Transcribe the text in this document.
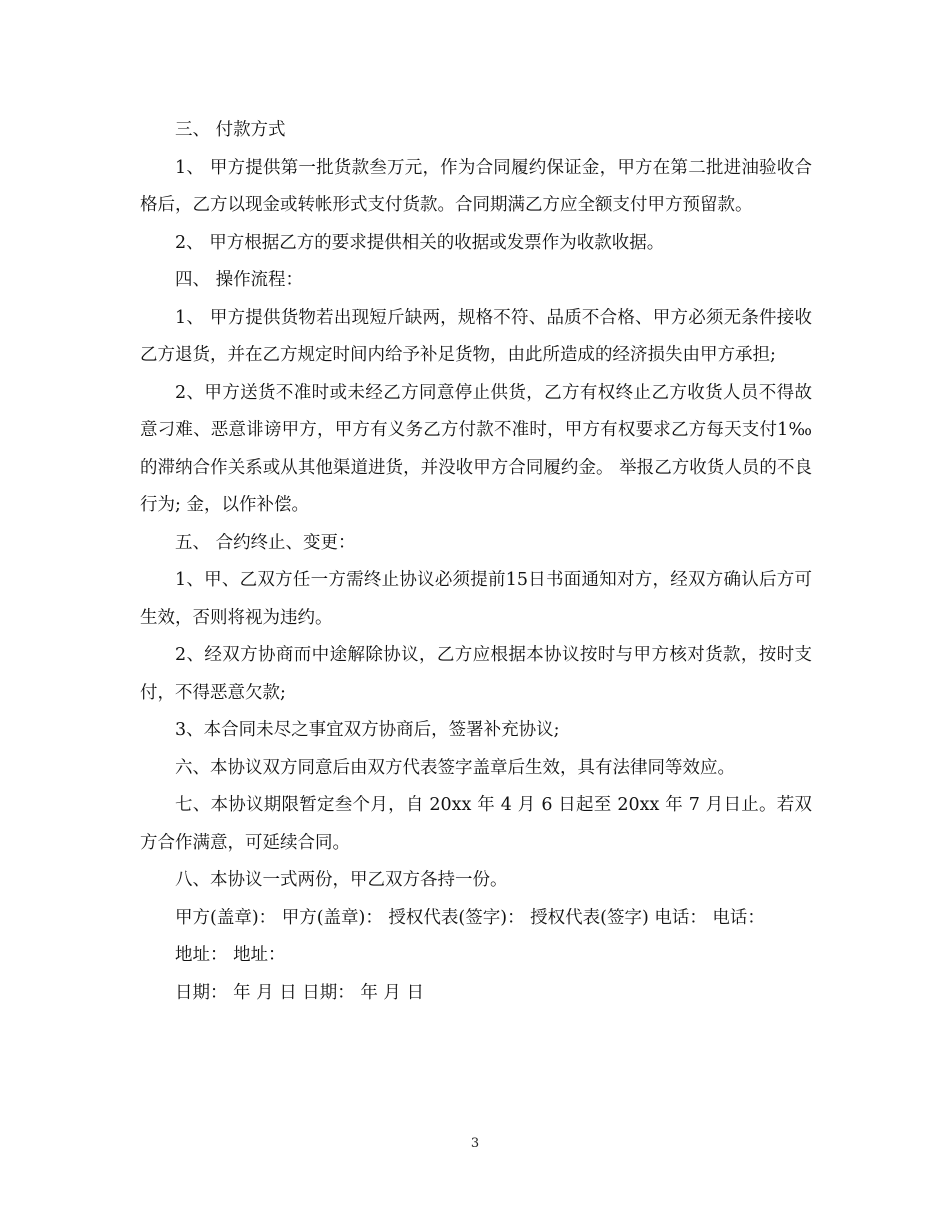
三、 付款方式

1、 甲方提供第一批货款叁万元，作为合同履约保证金，甲方在第二批进油验收合格后，乙方以现金或转帐形式支付货款。合同期满乙方应全额支付甲方预留款。

2、 甲方根据乙方的要求提供相关的收据或发票作为收款收据。

四、 操作流程：

1、 甲方提供货物若出现短斤缺两，规格不符、品质不合格、甲方必须无条件接收乙方退货，并在乙方规定时间内给予补足货物，由此所造成的经济损失由甲方承担;

2、甲方送货不准时或未经乙方同意停止供货，乙方有权终止乙方收货人员不得故意刁难、恶意诽谤甲方，甲方有义务乙方付款不准时，甲方有权要求乙方每天支付1‰的滞纳合作关系或从其他渠道进货，并没收甲方合同履约金。 举报乙方收货人员的不良行为; 金，以作补偿。

五、 合约终止、变更：

1、甲、乙双方任一方需终止协议必须提前15日书面通知对方，经双方确认后方可生效，否则将视为违约。

2、经双方协商而中途解除协议，乙方应根据本协议按时与甲方核对货款，按时支付，不得恶意欠款;

3、本合同未尽之事宜双方协商后，签署补充协议;

六、本协议双方同意后由双方代表签字盖章后生效，具有法律同等效应。

七、本协议期限暂定叁个月，自 20xx 年 4 月 6 日起至 20xx 年 7 月日止。若双方合作满意，可延续合同。

八、本协议一式两份，甲乙双方各持一份。

甲方(盖章)： 甲方(盖章)： 授权代表(签字)： 授权代表(签字) 电话： 电话：

地址： 地址：

日期： 年 月 日 日期： 年 月 日

3
